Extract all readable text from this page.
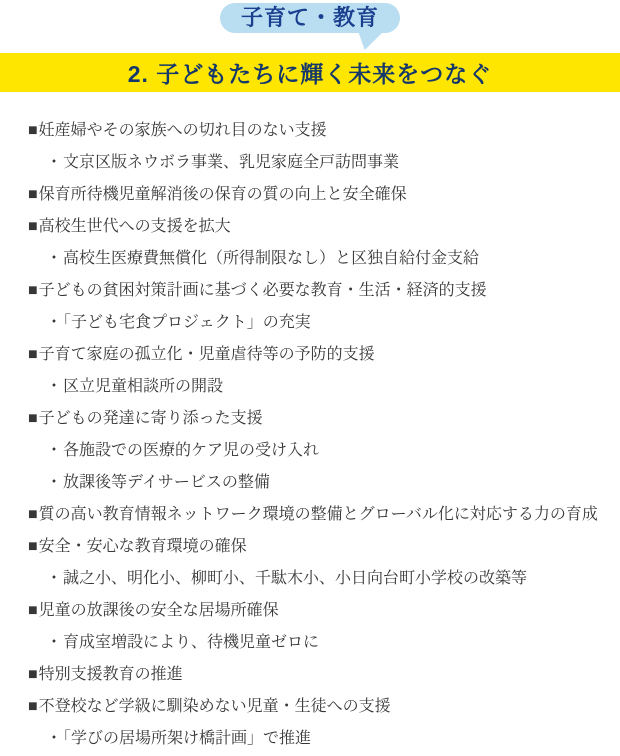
子育て・教育
2. 子どもたちに輝く未来をつなぐ
■妊産婦やその家族への切れ目のない支援
・文京区版ネウボラ事業、乳児家庭全戸訪問事業
■保育所待機児童解消後の保育の質の向上と安全確保
■高校生世代への支援を拡大
・高校生医療費無償化（所得制限なし）と区独自給付金支給
■子どもの貧困対策計画に基づく必要な教育・生活・経済的支援
・「子ども宅食プロジェクト」の充実
■子育て家庭の孤立化・児童虐待等の予防的支援
・区立児童相談所の開設
■子どもの発達に寄り添った支援
・各施設での医療的ケア児の受け入れ
・放課後等デイサービスの整備
■質の高い教育情報ネットワーク環境の整備とグローバル化に対応する力の育成
■安全・安心な教育環境の確保
・誠之小、明化小、柳町小、千駄木小、小日向台町小学校の改築等
■児童の放課後の安全な居場所確保
・育成室増設により、待機児童ゼロに
■特別支援教育の推進
■不登校など学級に馴染めない児童・生徒への支援
・「学びの居場所架け橋計画」で推進
